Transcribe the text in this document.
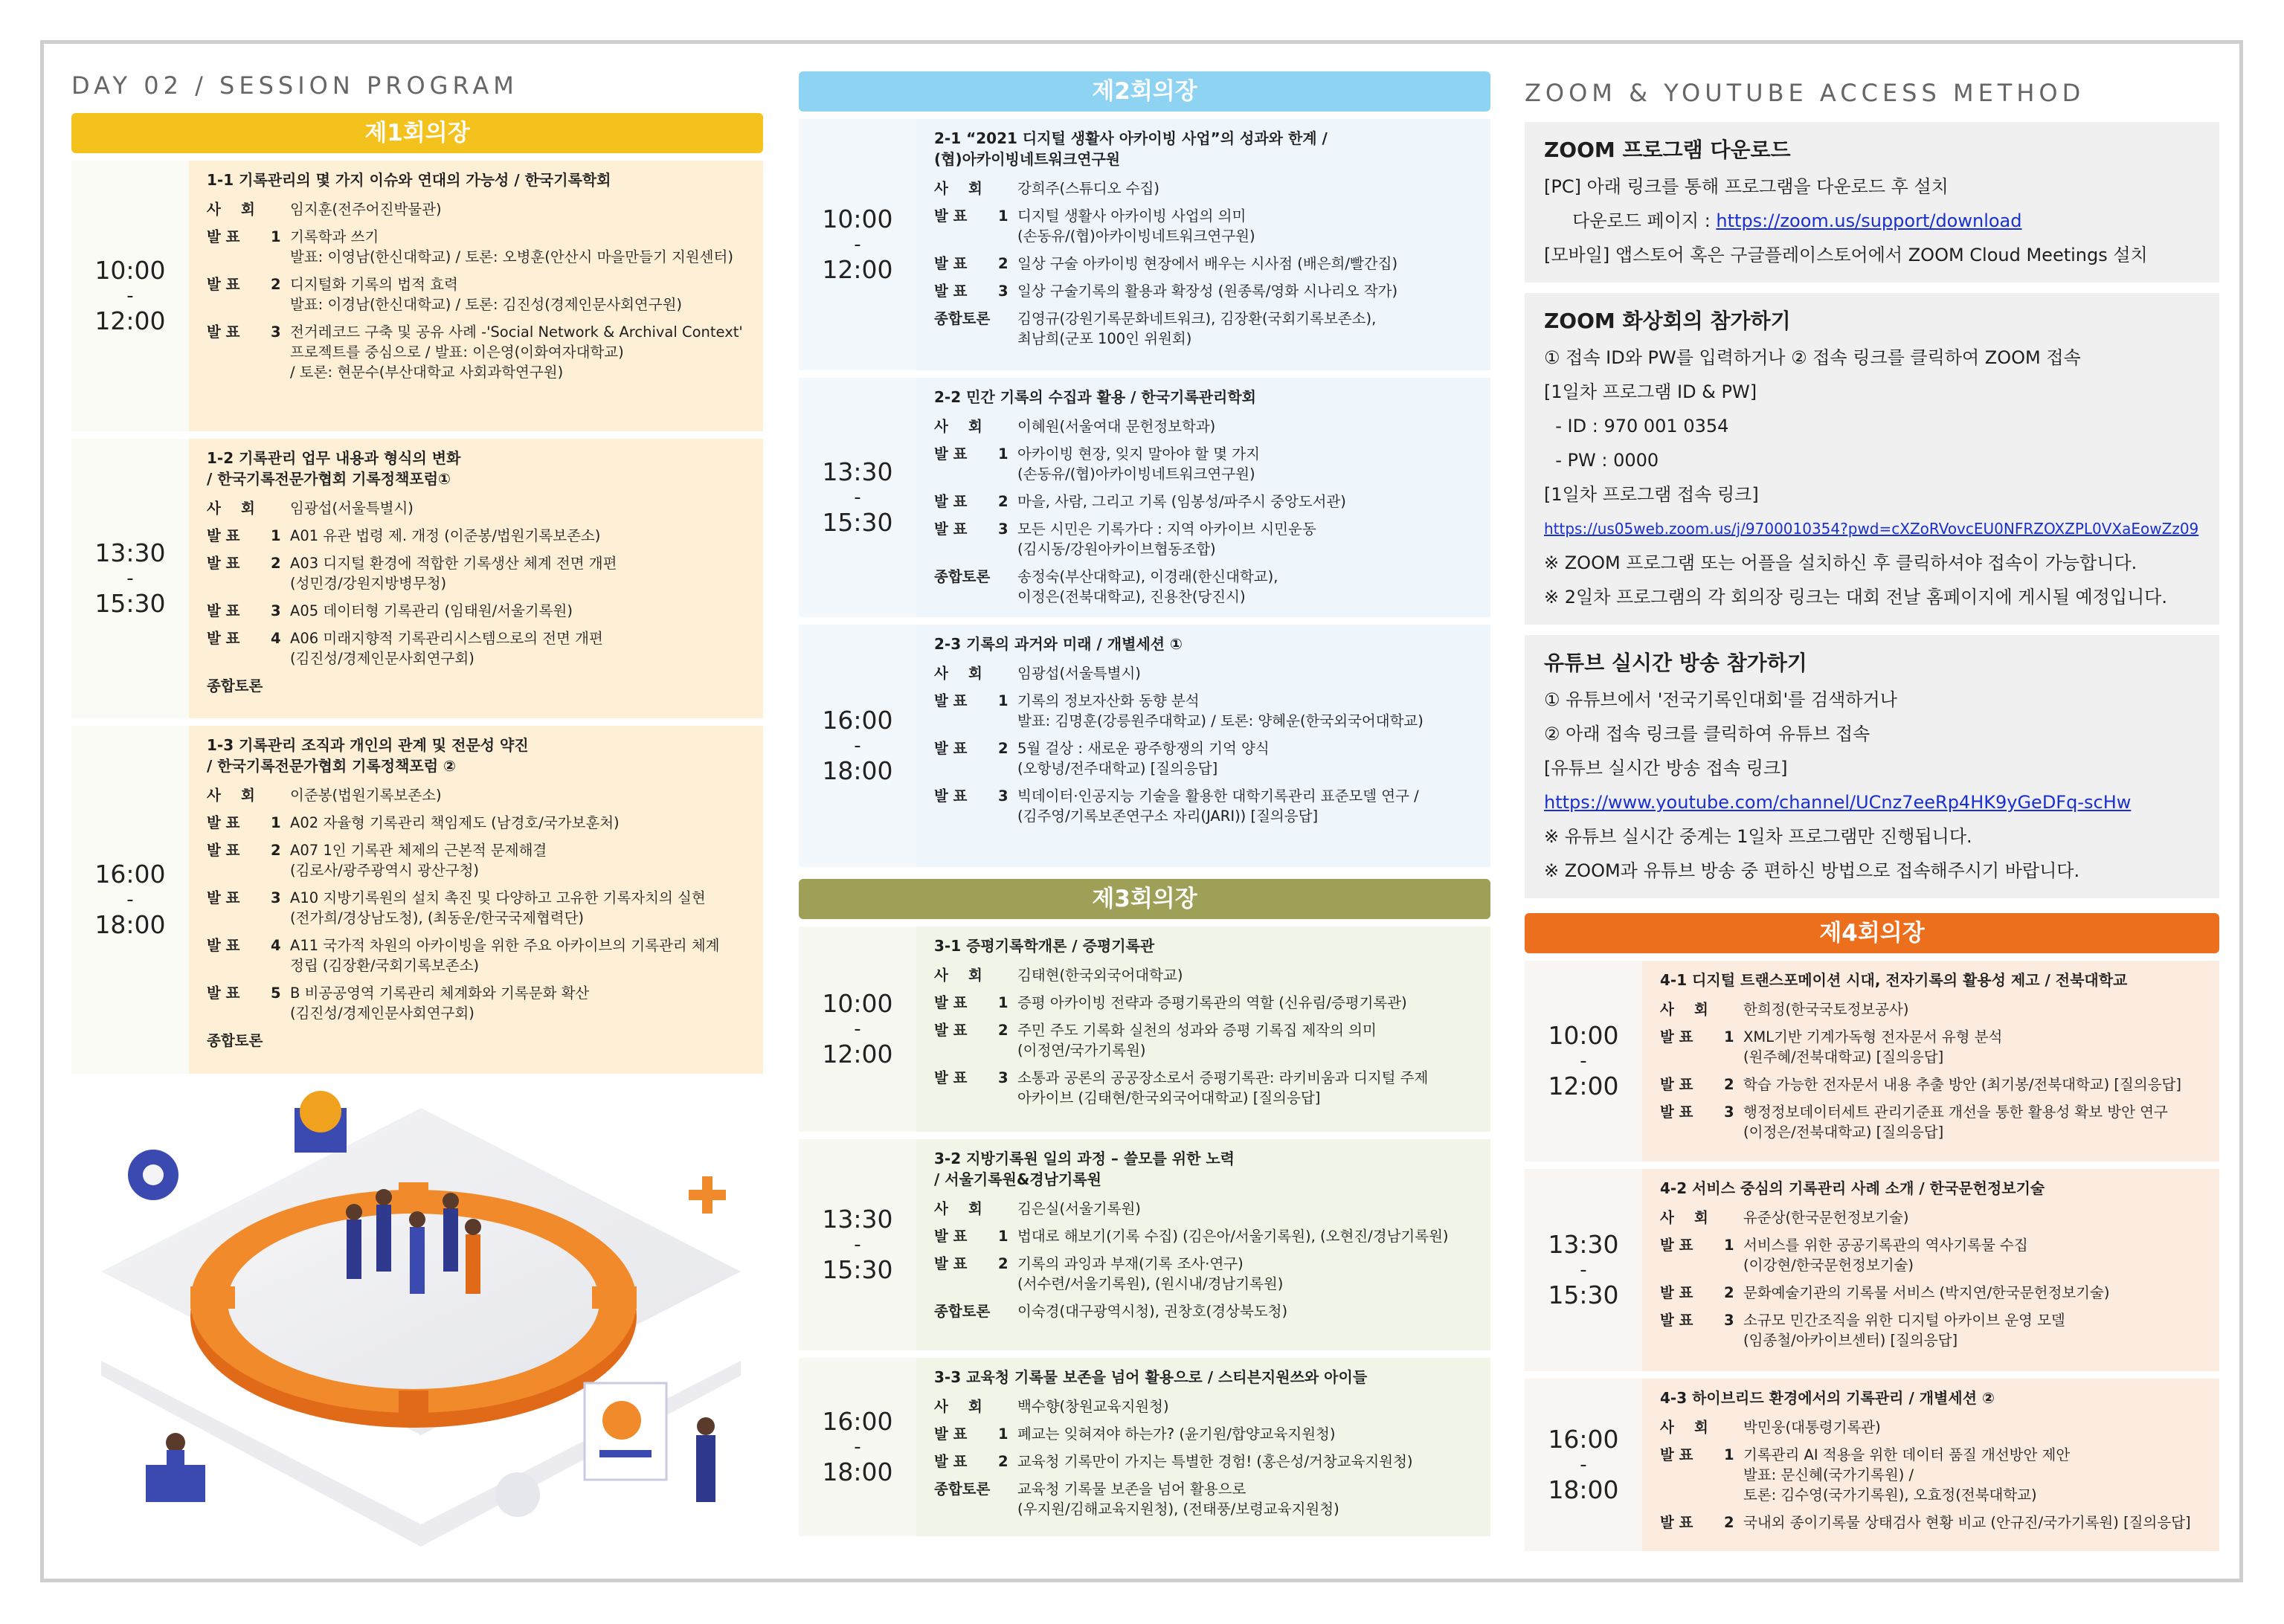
DAY 02 / SESSION PROGRAM
제1회의장
10:00
-
12:00
1-1 기록관리의 몇 가지 이슈와 연대의 가능성 / 한국기록학회
사    회	임지훈(전주어진박물관)
발 표	1 기록학과 쓰기
발표: 이영남(한신대학교) / 토론: 오병훈(안산시 마을만들기 지원센터)
발 표	2 디지털화 기록의 법적 효력
발표: 이경남(한신대학교) / 토론: 김진성(경제인문사회연구원)
발 표	3 전거레코드 구축 및 공유 사례 -'Social Network & Archival Context'
프로젝트를 중심으로 / 발표: 이은영(이화여자대학교)
/ 토론: 현문수(부산대학교 사회과학연구원)
13:30
-
15:30
1-2 기록관리 업무 내용과 형식의 변화
/ 한국기록전문가협회 기록정책포럼①
사    회	임광섭(서울특별시)
발 표	1 A01 유관 법령 제. 개정 (이준봉/법원기록보존소)
발 표	2 A03 디지털 환경에 적합한 기록생산 체계 전면 개편
(성민경/강원지방병무청)
발 표	3 A05 데이터형 기록관리 (임태원/서울기록원)
발 표	4 A06 미래지향적 기록관리시스템으로의 전면 개편
(김진성/경제인문사회연구회)
종합토론
16:00
-
18:00
1-3 기록관리 조직과 개인의 관계 및 전문성 약진
/ 한국기록전문가협회 기록정책포럼 ②
사    회	이준봉(법원기록보존소)
발 표	1 A02 자율형 기록관리 책임제도 (남경호/국가보훈처)
발 표	2 A07 1인 기록관 체제의 근본적 문제해결
(김로사/광주광역시 광산구청)
발 표	3 A10 지방기록원의 설치 촉진 및 다양하고 고유한 기록자치의 실현
(전가희/경상남도청), (최동운/한국국제협력단)
발 표	4 A11 국가적 차원의 아카이빙을 위한 주요 아카이브의 기록관리 체계
정립 (김장환/국회기록보존소)
발 표	5 B 비공공영역 기록관리 체계화와 기록문화 확산
(김진성/경제인문사회연구회)
종합토론
제2회의장
10:00
-
12:00
2-1 “2021 디지털 생활사 아카이빙 사업”의 성과와 한계 /
(협)아카이빙네트워크연구원
사    회	강희주(스튜디오 수집)
발 표	1 디지털 생활사 아카이빙 사업의 의미
(손동유/(협)아카이빙네트워크연구원)
발 표	2 일상 구술 아카이빙 현장에서 배우는 시사점 (배은희/빨간집)
발 표	3 일상 구술기록의 활용과 확장성 (원종록/영화 시나리오 작가)
종합토론	김영규(강원기록문화네트워크), 김장환(국회기록보존소),
최남희(군포 100인 위원회)
13:30
-
15:30
2-2 민간 기록의 수집과 활용 / 한국기록관리학회
사    회	이혜원(서울여대 문헌정보학과)
발 표	1 아카이빙 현장, 잊지 말아야 할 몇 가지
(손동유/(협)아카이빙네트워크연구원)
발 표	2 마을, 사람, 그리고 기록 (임봉성/파주시 중앙도서관)
발 표	3 모든 시민은 기록가다 : 지역 아카이브 시민운동
(김시동/강원아카이브협동조합)
종합토론	송정숙(부산대학교), 이경래(한신대학교),
이정은(전북대학교), 진용찬(당진시)
16:00
-
18:00
2-3 기록의 과거와 미래 / 개별세션 ①
사    회	임광섭(서울특별시)
발 표	1 기록의 정보자산화 동향 분석
발표: 김명훈(강릉원주대학교) / 토론: 양혜운(한국외국어대학교)
발 표	2 5월 걸상 : 새로운 광주항쟁의 기억 양식
(오항녕/전주대학교) [질의응답]
발 표	3 빅데이터·인공지능 기술을 활용한 대학기록관리 표준모델 연구 /
(김주영/기록보존연구소 자리(JARI)) [질의응답]
제3회의장
10:00
-
12:00
3-1 증평기록학개론 / 증평기록관
사    회	김태현(한국외국어대학교)
발 표	1 증평 아카이빙 전략과 증평기록관의 역할 (신유림/증평기록관)
발 표	2 주민 주도 기록화 실천의 성과와 증평 기록집 제작의 의미
(이정연/국가기록원)
발 표	3 소통과 공론의 공공장소로서 증평기록관: 라키비움과 디지털 주제
아카이브 (김태현/한국외국어대학교) [질의응답]
13:30
-
15:30
3-2 지방기록원 일의 과정 – 쓸모를 위한 노력
/ 서울기록원&경남기록원
사    회	김은실(서울기록원)
발 표	1 법대로 해보기(기록 수집) (김은아/서울기록원), (오현진/경남기록원)
발 표	2 기록의 과잉과 부재(기록 조사·연구)
(서수련/서울기록원), (원시내/경남기록원)
종합토론	이숙경(대구광역시청), 권창호(경상북도청)
16:00
-
18:00
3-3 교육청 기록물 보존을 넘어 활용으로 / 스티븐지원쓰와 아이들
사    회	백수향(창원교육지원청)
발 표	1 폐교는 잊혀져야 하는가? (윤기원/합양교육지원청)
발 표	2 교육청 기록만이 가지는 특별한 경험! (홍은성/거창교육지원청)
종합토론	교육청 기록물 보존을 넘어 활용으로
(우지원/김해교육지원청), (전태풍/보령교육지원청)
ZOOM & YOUTUBE ACCESS METHOD
ZOOM 프로그램 다운로드
[PC] 아래 링크를 통해 프로그램을 다운로드 후 설치
다운로드 페이지 : https://zoom.us/support/download
[모바일] 앱스토어 혹은 구글플레이스토어에서 ZOOM Cloud Meetings 설치
ZOOM 화상회의 참가하기
① 접속 ID와 PW를 입력하거나 ② 접속 링크를 클릭하여 ZOOM 접속
[1일차 프로그램 ID & PW]
- ID : 970 001 0354
- PW : 0000
[1일차 프로그램 접속 링크]
https://us05web.zoom.us/j/9700010354?pwd=cXZoRVovcEU0NFRZOXZPL0VXaEowZz09
※ ZOOM 프로그램 또는 어플을 설치하신 후 클릭하셔야 접속이 가능합니다.
※ 2일차 프로그램의 각 회의장 링크는 대회 전날 홈페이지에 게시될 예정입니다.
유튜브 실시간 방송 참가하기
① 유튜브에서 '전국기록인대회'를 검색하거나
② 아래 접속 링크를 클릭하여 유튜브 접속
[유튜브 실시간 방송 접속 링크]
https://www.youtube.com/channel/UCnz7eeRp4HK9yGeDFq-scHw
※ 유튜브 실시간 중계는 1일차 프로그램만 진행됩니다.
※ ZOOM과 유튜브 방송 중 편하신 방법으로 접속해주시기 바랍니다.
제4회의장
10:00
-
12:00
4-1 디지털 트랜스포메이션 시대, 전자기록의 활용성 제고 / 전북대학교
사    회	한희정(한국국토정보공사)
발 표	1 XML기반 기계가독형 전자문서 유형 분석
(원주혜/전북대학교) [질의응답]
발 표	2 학습 가능한 전자문서 내용 추출 방안 (최기봉/전북대학교) [질의응답]
발 표	3 행정정보데이터세트 관리기준표 개선을 통한 활용성 확보 방안 연구
(이정은/전북대학교) [질의응답]
13:30
-
15:30
4-2 서비스 중심의 기록관리 사례 소개 / 한국문헌정보기술
사    회	유준상(한국문헌정보기술)
발 표	1 서비스를 위한 공공기록관의 역사기록물 수집
(이강현/한국문헌정보기술)
발 표	2 문화예술기관의 기록물 서비스 (박지연/한국문헌정보기술)
발 표	3 소규모 민간조직을 위한 디지털 아카이브 운영 모델
(임종철/아카이브센터) [질의응답]
16:00
-
18:00
4-3 하이브리드 환경에서의 기록관리 / 개별세션 ②
사    회	박민웅(대통령기록관)
발 표	1 기록관리 AI 적용을 위한 데이터 품질 개선방안 제안
발표: 문신혜(국가기록원) /
토론: 김수영(국가기록원), 오효정(전북대학교)
발 표	2 국내외 종이기록물 상태검사 현황 비교 (안규진/국가기록원) [질의응답]
